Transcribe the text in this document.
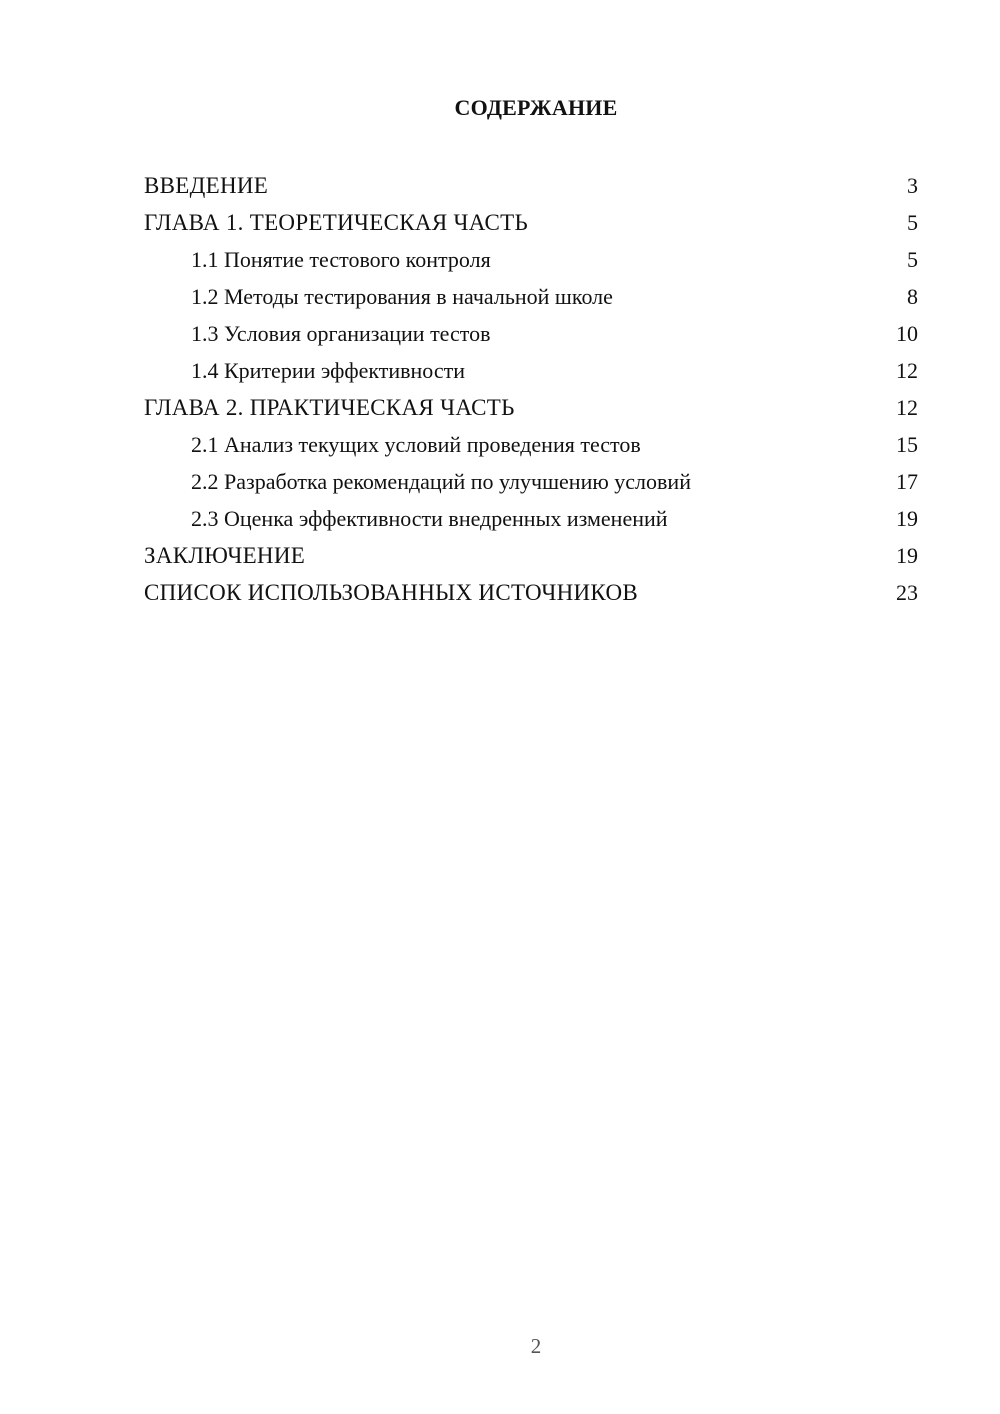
СОДЕРЖАНИЕ
ВВЕДЕНИЕ	3
ГЛАВА 1. ТЕОРЕТИЧЕСКАЯ ЧАСТЬ	5
1.1 Понятие тестового контроля	5
1.2 Методы тестирования в начальной школе	8
1.3 Условия организации тестов	10
1.4 Критерии эффективности	12
ГЛАВА 2. ПРАКТИЧЕСКАЯ ЧАСТЬ	12
2.1 Анализ текущих условий проведения тестов	15
2.2 Разработка рекомендаций по улучшению условий	17
2.3 Оценка эффективности внедренных изменений	19
ЗАКЛЮЧЕНИЕ	19
СПИСОК ИСПОЛЬЗОВАННЫХ ИСТОЧНИКОВ	23
2
